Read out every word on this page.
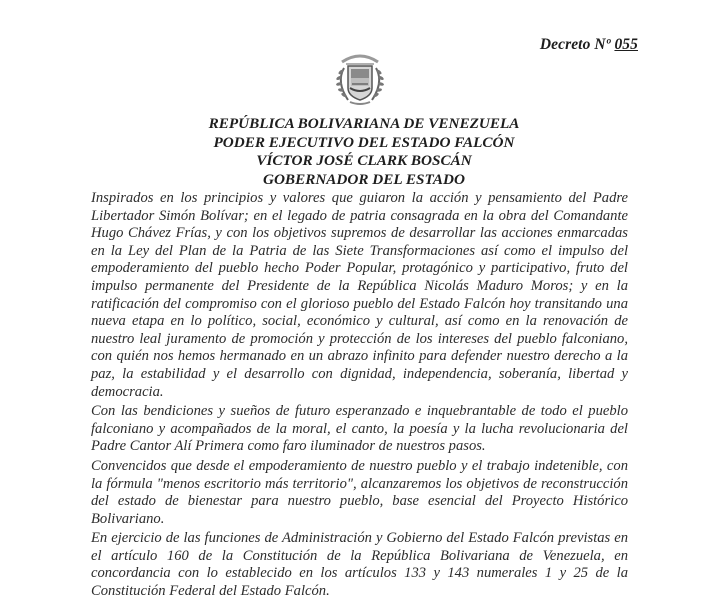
Decreto Nº 055
REPÚBLICA BOLIVARIANA DE VENEZUELA
PODER EJECUTIVO DEL ESTADO FALCÓN
VÍCTOR JOSÉ CLARK BOSCÁN
GOBERNADOR DEL ESTADO

Inspirados en los principios y valores que guiaron la acción y pensamiento del Padre Libertador Simón Bolívar; en el legado de patria consagrada en la obra del Comandante Hugo Chávez Frías, y con los objetivos supremos de desarrollar las acciones enmarcadas en la Ley del Plan de la Patria de las Siete Transformaciones así como el impulso del empoderamiento del pueblo hecho Poder Popular, protagónico y participativo, fruto del impulso permanente del Presidente de la República Nicolás Maduro Moros; y en la ratificación del compromiso con el glorioso pueblo del Estado Falcón hoy transitando una nueva etapa en lo político, social, económico y cultural, así como en la renovación de nuestro leal juramento de promoción y protección de los intereses del pueblo falconiano, con quién nos hemos hermanado en un abrazo infinito para defender nuestro derecho a la paz, la estabilidad y el desarrollo con dignidad, independencia, soberanía, libertad y democracia.

Con las bendiciones y sueños de futuro esperanzado e inquebrantable de todo el pueblo falconiano y acompañados de la moral, el canto, la poesía y la lucha revolucionaria del Padre Cantor Alí Primera como faro iluminador de nuestros pasos.

Convencidos que desde el empoderamiento de nuestro pueblo y el trabajo indetenible, con la fórmula "menos escritorio más territorio", alcanzaremos los objetivos de reconstrucción del estado de bienestar para nuestro pueblo, base esencial del Proyecto Histórico Bolivariano.

En ejercicio de las funciones de Administración y Gobierno del Estado Falcón previstas en el artículo 160 de la Constitución de la República Bolivariana de Venezuela, en concordancia con lo establecido en los artículos 133 y 143 numerales 1 y 25 de la Constitución Federal del Estado Falcón.
